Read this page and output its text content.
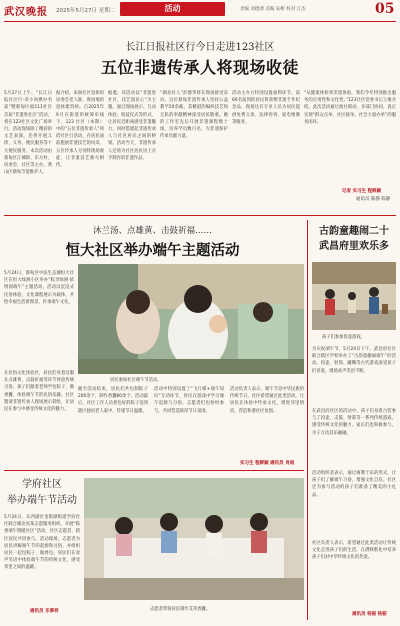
武汉晚报 2025年5月27日 星期二	活动	责编 刘德湧 美编 朱彬 校对 江杰	05
长江日报社区行今日走进123社区
五位非遗传承人将现场收徒
5月27日上午，“长江日报社区行·邓小岗携办名家”暨蔡甸区福111社区首届“非遗进社区”活动，将在123社区文化广场举行。活动现场除了精彩的文艺表演，还将开展义诊、义务、便民服务等十大便民服务。本次活动由蔡甸区江城街、东方村，居委会、社区等主办，黄山区蔡甸节能维护人。
据介绍，朱洞社区退休的居委会老人陈、鲁园地的退休建筑师。自2025年9月在街道的统筹牵线下，123 社区（本期）中的“五位非遗传承人”将借社区行活动，在居民面前施展非遗技艺的风采，五位传承人分别将现场收徒，让非遗技艺薪火相传。
据悉，该活动以“非遗进社区，技艺润民心”为主题，通过现场展示、互动体验、收徒仪式等形式，让居民近距离感受非遗魅力，同时搭建起非遗传承人与社区居民之间的桥梁。活动当天，非遗传承人还将为社区居民送上亲手制作的非遗作品。
“湖北好人”彭德华将在现场接受采访。这位蔡甸非遗传承人坚持公益教学20余载，其精湛的编织技艺和无私的奉献精神深受居民敬重。她的工作室先后开展非遗课程数十场，培养学员数百名，为非遗保护传承贡献力量。
活动主办方特别设置福利环节，前60名报到的居民将获赠非遗手作纪念品，现场还有专业人员为居民提供免费义诊、法律咨询、家电维修等服务。
“从健康体检到非遗体验，我们今年特别推出服务的应用性和文化性，”123社区党委书记王俊介绍。此次活动通过政社联动，多部门协同，真正实现“群众点单，社区接单，社会力量办单”的服务闭环。
记者 实习生 程鲜颖
通讯员 陈静 陈静
沐兰汤、点雄黄、击鼓祈福……
恒大社区举办端午主题活动
5月24日，蔡甸区中法生态城恒大社区在恒大绿洲小区举办“粽享绿洲·浓情润端午”主题活动。活动以沉浸式民俗体验、文化课程展示为载体，共绘幸福生活新图景，传承端午文化。
居民参加社区端午节活动。
在民俗文化体验区，居民们身着汉服在点雄黄、击鼓祈福等环节体验传统习俗。孩子们跟着老师学包粽子、做香囊，体验端午节的民俗乐趣。社区邀请非遗传承人现场展示彩绘，让居民在参与中感受传统文化的魅力。
截至活动结束，居民们共包制粽子200余个，制作香囊80余个。活动最后，社区工作人员将包好的粽子送到辖区独居老人家中，传递节日温暖。
活动中特别设置了“飞行棋+端午知识”互动环节，居民在游戏中学习端午起源与习俗。志愿者们也纷纷参与，共同营造浓厚节日氛围。
活动负责人表示，端午节是中华民族的传统节日，社区希望通过此类活动，让居民在体验中传承文化，增进邻里情谊，营造和谐社区氛围。
实习生 程鲜颖 通讯员 肖雨
古韵童趣闹二十
武昌府里欢乐多
孩子们参加投壶游戏。
为庆祝端午节，5月24日下午，武昌府社区联合辖区学校举办了“古韵童趣闹端午”的活动。投壶、射箭、蹴鞠等古代游戏深受孩子们喜爱，现场欢声笑语不断。
在武昌府社区的活动中，孩子们身着古装参与了投壶、击鼓、射箭等一系列传统游戏，感受传统文化的魅力。家长们也积极参与，亲子互动其乐融融。
活动组织者表示，通过寓教于乐的形式，让孩子们了解端午习俗，增强文化自信。社区还为参与活动的孩子们准备了精美的小礼品。
社区负责人表示，希望通过此类活动让传统文化走进孩子们的生活，在潜移默化中培养孩子们对中华传统文化的热爱。
通讯员 杨振 杨振
学府社区
举办端午节活动
5月24日，东西湖区金银湖街道学府社区联合湖北省某志愿服务组织，开展“粽香端午情暖社区”活动，社区志愿者、辖区居民共同参与。活动现场，志愿者为居民讲解端午节的起源和习俗，并组织居民一起包粽子、做香包。居民们在欢声笑语中体验端午节的传统文化，感受邻里之间的温暖。
通讯员 乐事祥	志愿者带领居民制作艾草香囊。
